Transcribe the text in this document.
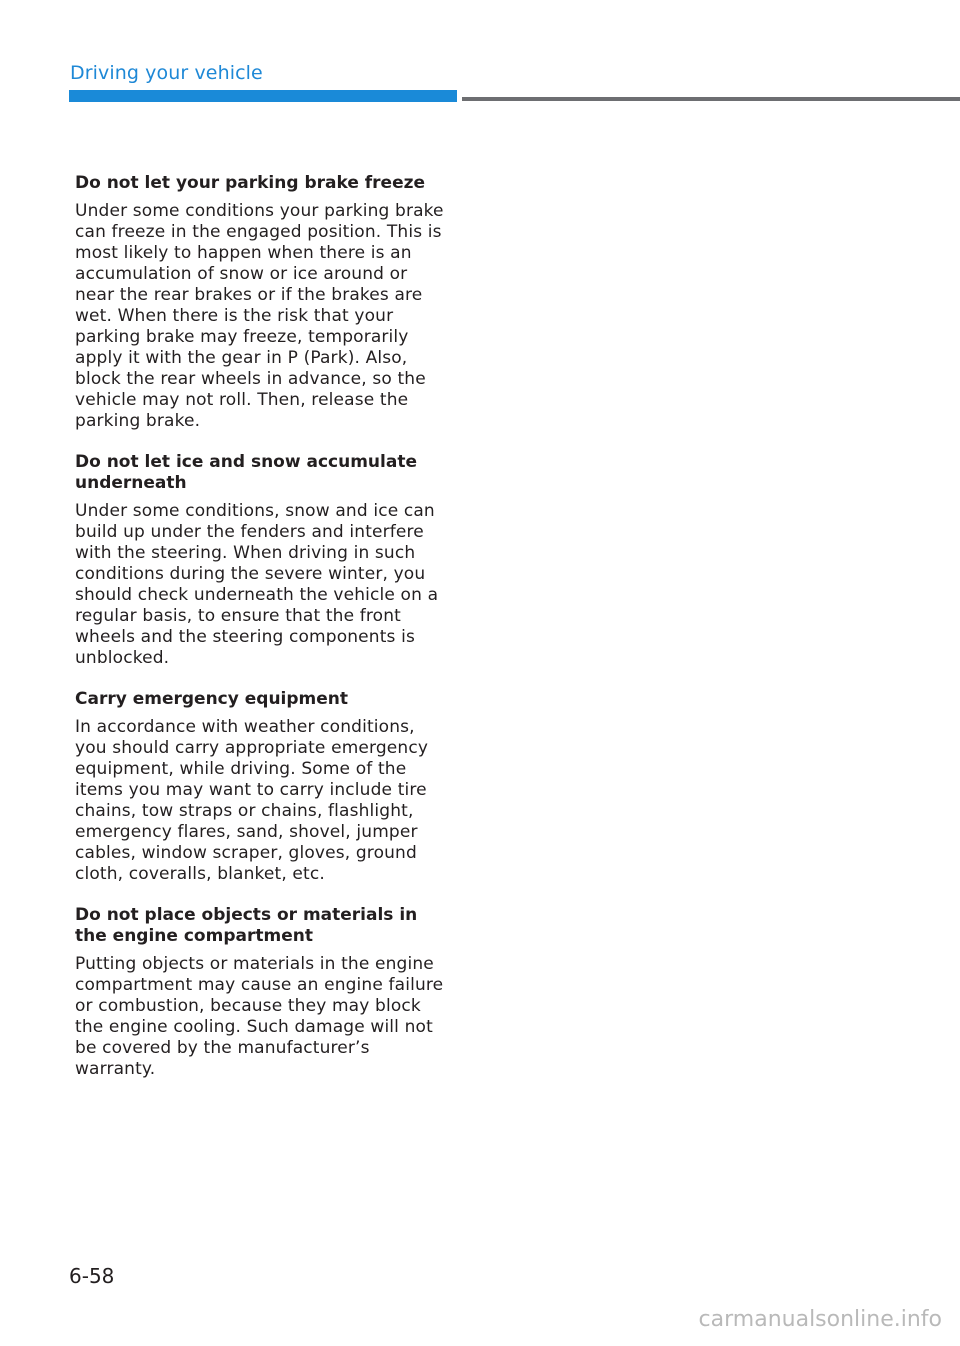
Driving your vehicle
Do not let your parking brake freeze

Under some conditions your parking brake can freeze in the engaged position. This is most likely to happen when there is an accumulation of snow or ice around or near the rear brakes or if the brakes are wet. When there is the risk that your parking brake may freeze, temporarily apply it with the gear in P (Park). Also, block the rear wheels in advance, so the vehicle may not roll. Then, release the parking brake.

Do not let ice and snow accumulate underneath

Under some conditions, snow and ice can build up under the fenders and interfere with the steering. When driving in such conditions during the severe winter, you should check underneath the vehicle on a regular basis, to ensure that the front wheels and the steering components is unblocked.

Carry emergency equipment

In accordance with weather conditions, you should carry appropriate emergency equipment, while driving. Some of the items you may want to carry include tire chains, tow straps or chains, flashlight, emergency flares, sand, shovel, jumper cables, window scraper, gloves, ground cloth, coveralls, blanket, etc.

Do not place objects or materials in the engine compartment

Putting objects or materials in the engine compartment may cause an engine failure or combustion, because they may block the engine cooling. Such damage will not be covered by the manufacturer’s warranty.

6-58
carmanualsonline.info
